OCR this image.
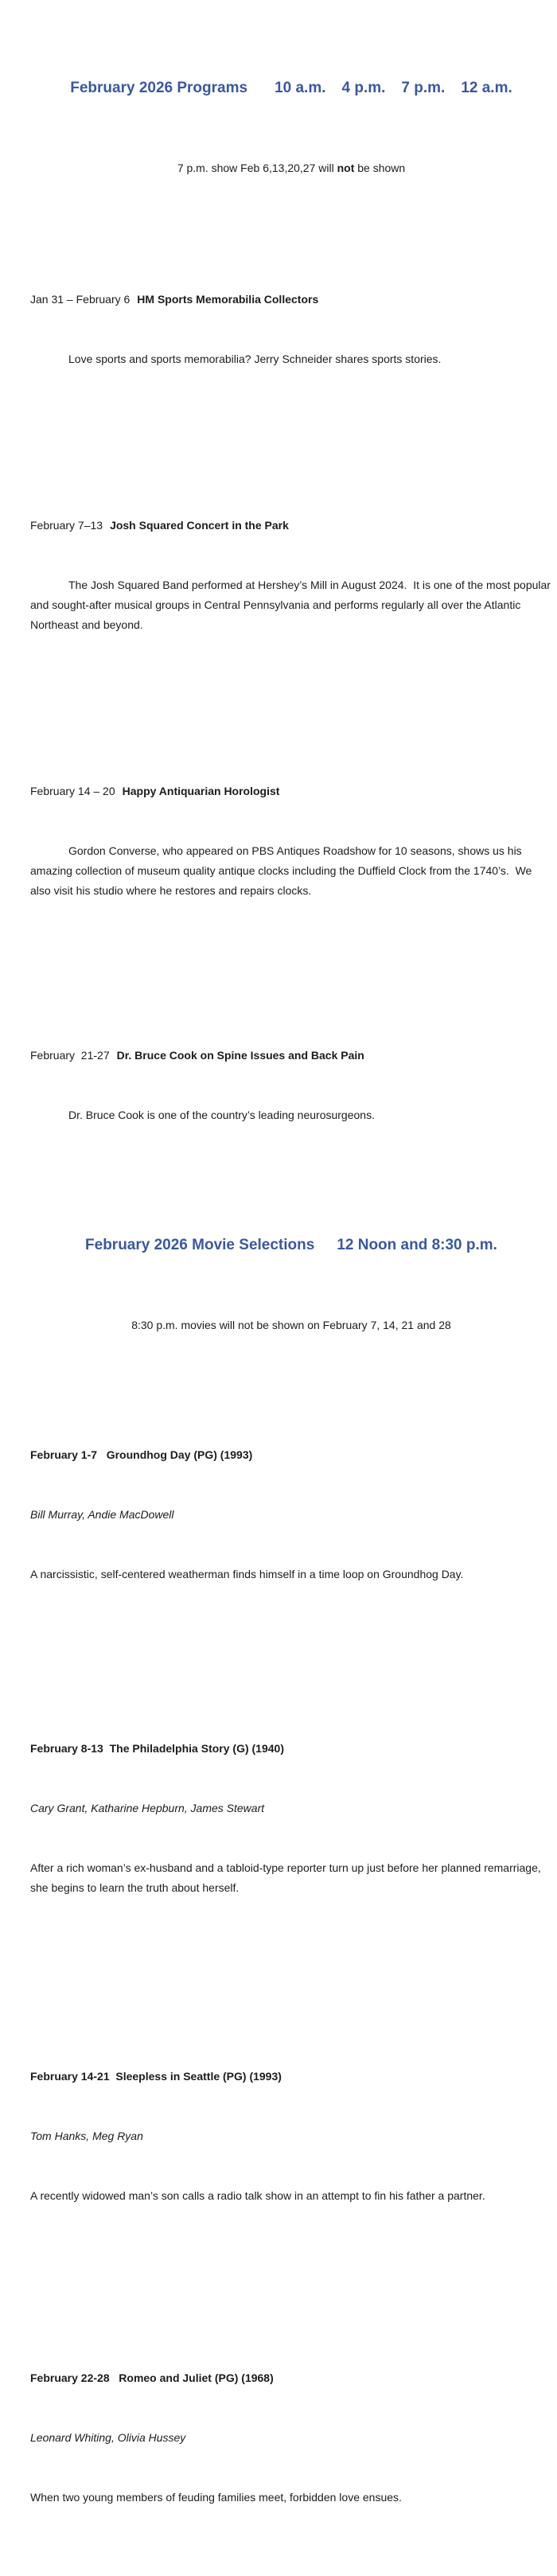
February 2026 Programs 10 a.m. 4 p.m. 7 p.m. 12 a.m.

7 p.m. show Feb 6,13,20,27 will not be shown

Jan 31 – February 6 HM Sports Memorabilia Collectors

Love sports and sports memorabilia? Jerry Schneider shares sports stories.

February 7–13 Josh Squared Concert in the Park

The Josh Squared Band performed at Hershey’s Mill in August 2024.  It is one of the most popular and sought-after musical groups in Central Pennsylvania and performs regularly all over the Atlantic Northeast and beyond.

February 14 – 20 Happy Antiquarian Horologist

Gordon Converse, who appeared on PBS Antiques Roadshow for 10 seasons, shows us his amazing collection of museum quality antique clocks including the Duffield Clock from the 1740’s.  We also visit his studio where he restores and repairs clocks.

February  21-27 Dr. Bruce Cook on Spine Issues and Back Pain

Dr. Bruce Cook is one of the country’s leading neurosurgeons.

February 2026 Movie Selections 12 Noon and 8:30 p.m.

8:30 p.m. movies will not be shown on February 7, 14, 21 and 28

February 1-7   Groundhog Day (PG) (1993)

Bill Murray, Andie MacDowell

A narcissistic, self-centered weatherman finds himself in a time loop on Groundhog Day.

February 8-13  The Philadelphia Story (G) (1940)

Cary Grant, Katharine Hepburn, James Stewart

After a rich woman’s ex-husband and a tabloid-type reporter turn up just before her planned remarriage, she begins to learn the truth about herself.

February 14-21  Sleepless in Seattle (PG) (1993)

Tom Hanks, Meg Ryan

A recently widowed man’s son calls a radio talk show in an attempt to fin his father a partner.

February 22-28   Romeo and Juliet (PG) (1968)

Leonard Whiting, Olivia Hussey

When two young members of feuding families meet, forbidden love ensues.
